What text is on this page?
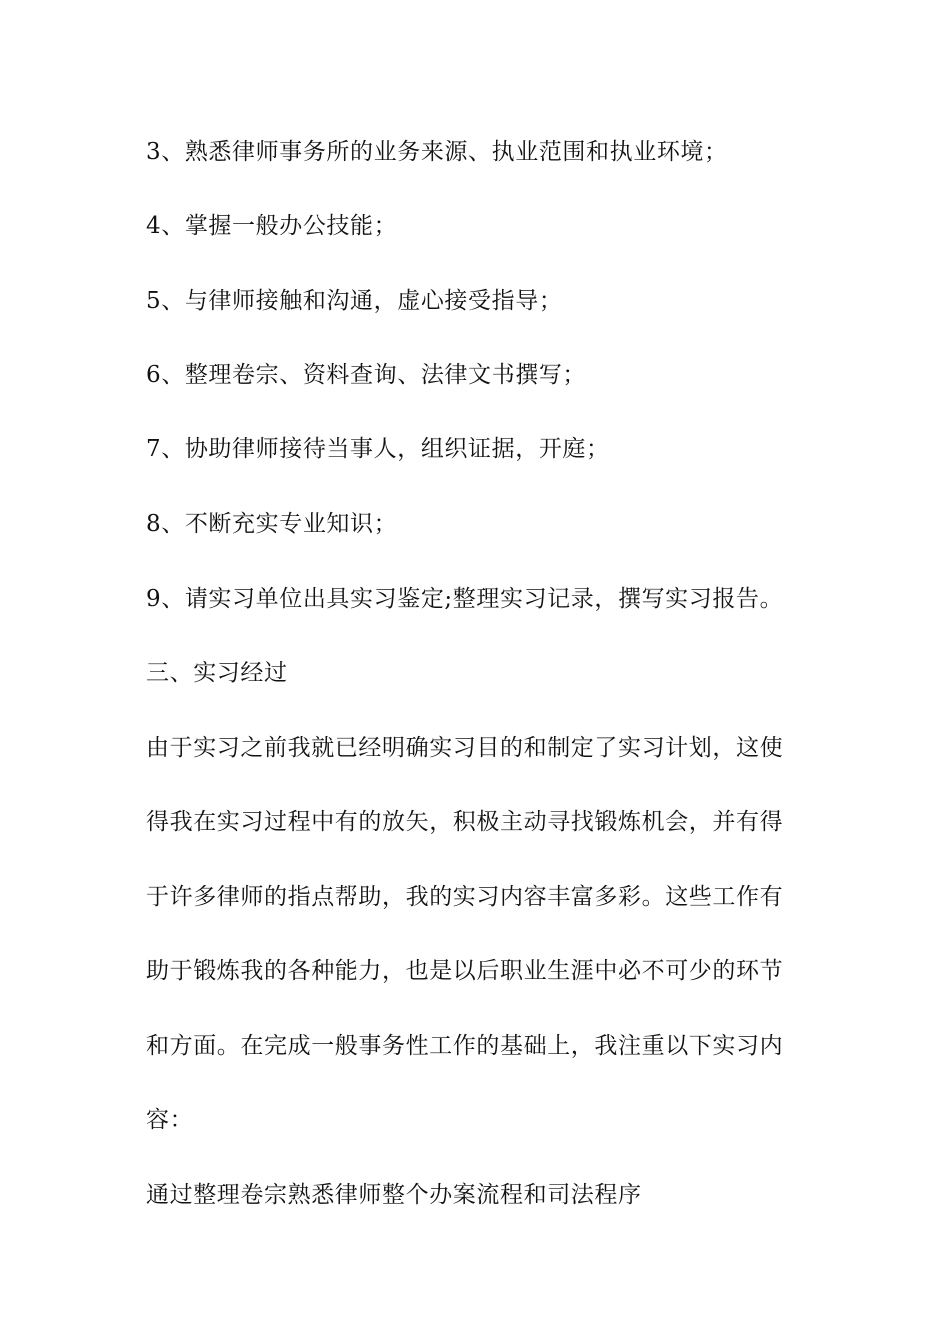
3、熟悉律师事务所的业务来源、执业范围和执业环境；
4、掌握一般办公技能；
5、与律师接触和沟通，虚心接受指导；
6、整理卷宗、资料查询、法律文书撰写；
7、协助律师接待当事人，组织证据，开庭；
8、不断充实专业知识；
9、请实习单位出具实习鉴定;整理实习记录，撰写实习报告。
三、实习经过
由于实习之前我就已经明确实习目的和制定了实习计划，这使
得我在实习过程中有的放矢，积极主动寻找锻炼机会，并有得
于许多律师的指点帮助，我的实习内容丰富多彩。这些工作有
助于锻炼我的各种能力，也是以后职业生涯中必不可少的环节
和方面。在完成一般事务性工作的基础上，我注重以下实习内
容：
通过整理卷宗熟悉律师整个办案流程和司法程序
